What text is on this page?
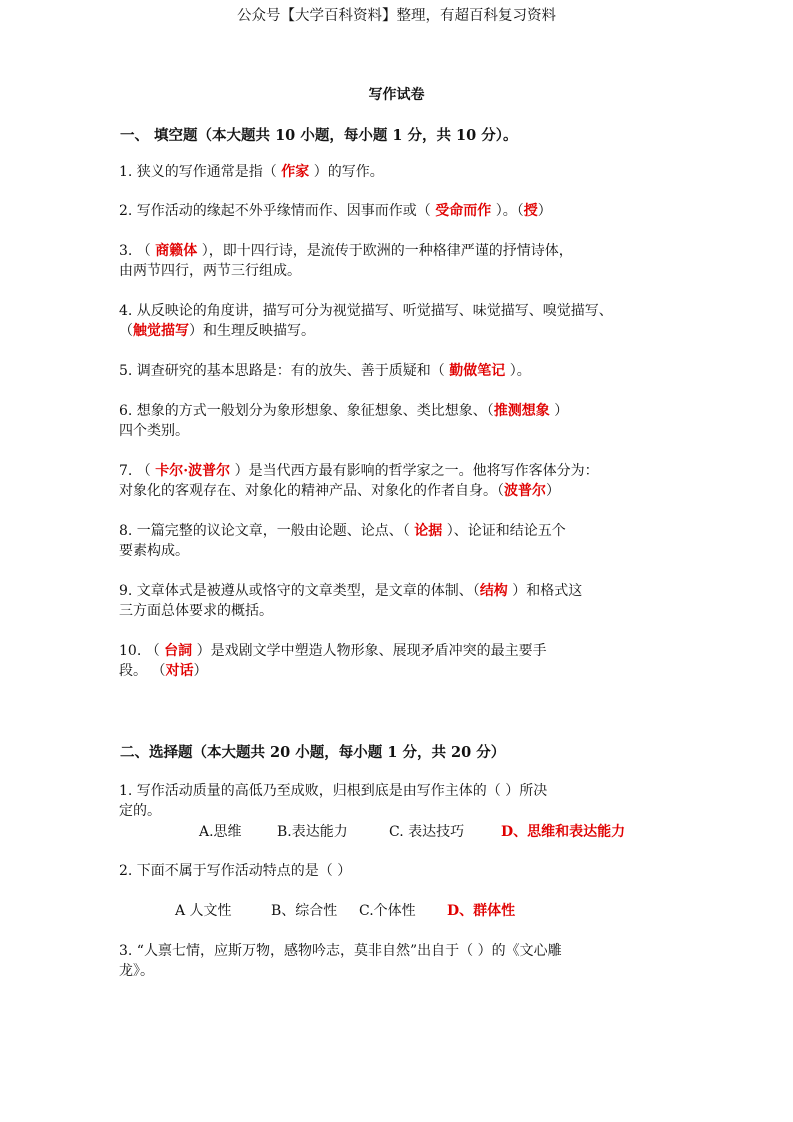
公众号【大学百科资料】整理，有超百科复习资料
写作试卷
一、 填空题（本大题共 10 小题，每小题 1 分，共 10 分）。
1. 狭义的写作通常是指（ 作家 ）的写作。
2. 写作活动的缘起不外乎缘情而作、因事而作或（ 受命而作 ）。（授）
3. （ 商籁体 ），即十四行诗，是流传于欧洲的一种格律严谨的抒情诗体，
由两节四行，两节三行组成。
4. 从反映论的角度讲，描写可分为视觉描写、听觉描写、味觉描写、嗅觉描写、
（触觉描写）和生理反映描写。
5. 调查研究的基本思路是：有的放失、善于质疑和（ 勤做笔记 ）。
6. 想象的方式一般划分为象形想象、象征想象、类比想象、（推测想象 ）
四个类别。
7. （ 卡尔·波普尔 ）是当代西方最有影响的哲学家之一。他将写作客体分为：
对象化的客观存在、对象化的精神产品、对象化的作者自身。（波普尔）
8. 一篇完整的议论文章，一般由论题、论点、（ 论据 ）、论证和结论五个
要素构成。
9. 文章体式是被遵从或恪守的文章类型，是文章的体制、（结构 ）和格式这
三方面总体要求的概括。
10. （ 台詞 ）是戏剧文学中塑造人物形象、展现矛盾冲突的最主要手
段。 （对话）
二、选择题（本大题共 20 小题，每小题 1 分，共 20 分）
1. 写作活动质量的高低乃至成败，归根到底是由写作主体的（ ）所决
定的。
A.思维	B.表达能力	C. 表达技巧	D、思维和表达能力
2. 下面不属于写作活动特点的是（ ）
A 人文性	B、综合性 C.个体性 D、群体性
3. “人禀七情，应斯万物，感物吟志，莫非自然”出自于（ ）的《文心雕
龙》。
